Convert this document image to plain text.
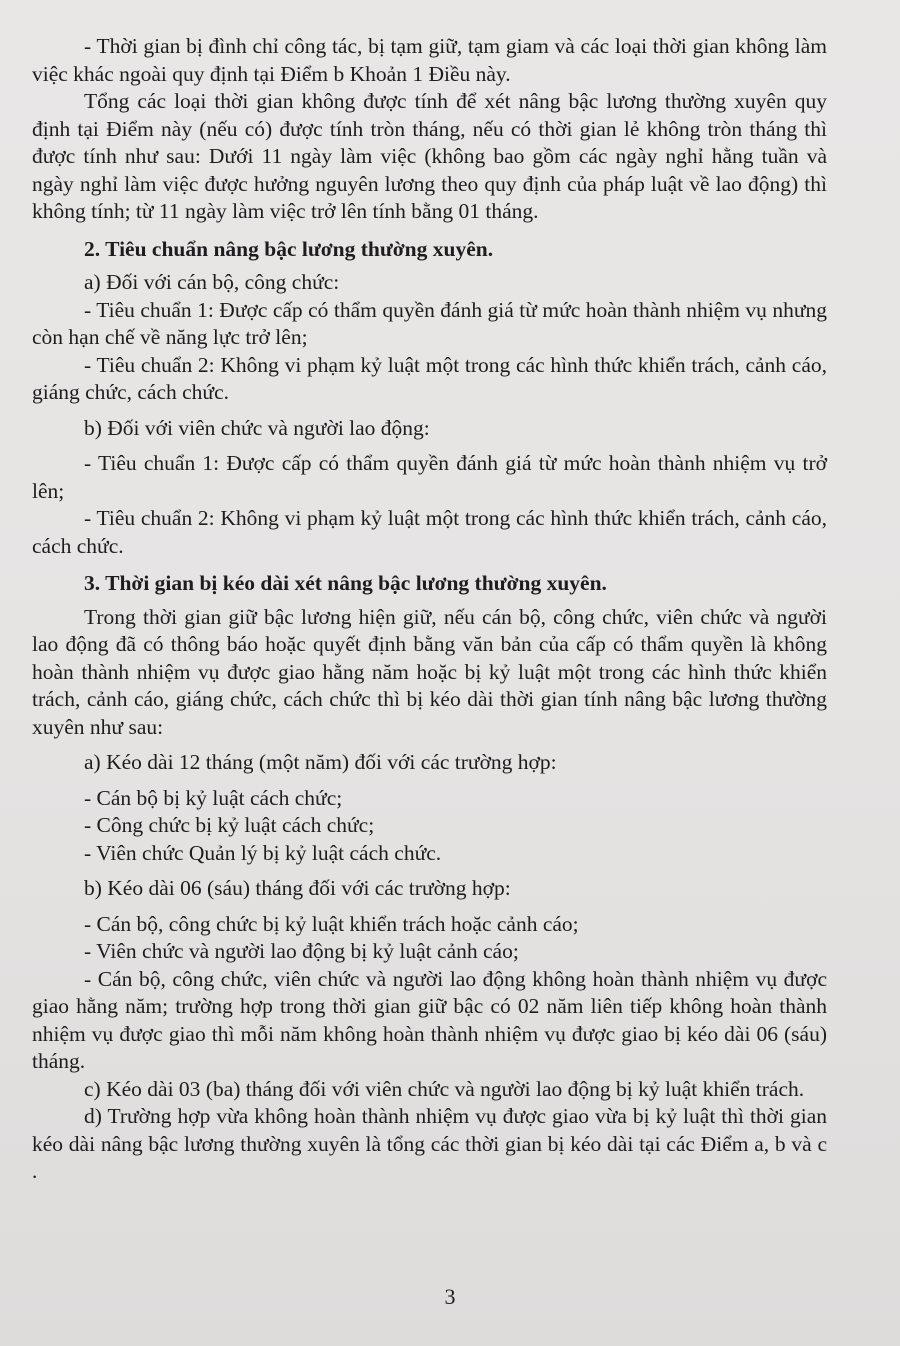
- Thời gian bị đình chỉ công tác, bị tạm giữ, tạm giam và các loại thời gian không làm việc khác ngoài quy định tại Điểm b Khoản 1 Điều này.

Tổng các loại thời gian không được tính để xét nâng bậc lương thường xuyên quy định tại Điểm này (nếu có) được tính tròn tháng, nếu có thời gian lẻ không tròn tháng thì được tính như sau: Dưới 11 ngày làm việc (không bao gồm các ngày nghỉ hằng tuần và ngày nghỉ làm việc được hưởng nguyên lương theo quy định của pháp luật về lao động) thì không tính; từ 11 ngày làm việc trở lên tính bằng 01 tháng.

2. Tiêu chuẩn nâng bậc lương thường xuyên.

a) Đối với cán bộ, công chức:

- Tiêu chuẩn 1: Được cấp có thẩm quyền đánh giá từ mức hoàn thành nhiệm vụ nhưng còn hạn chế về năng lực trở lên;

- Tiêu chuẩn 2: Không vi phạm kỷ luật một trong các hình thức khiển trách, cảnh cáo, giáng chức, cách chức.

b) Đối với viên chức và người lao động:

- Tiêu chuẩn 1: Được cấp có thẩm quyền đánh giá từ mức hoàn thành nhiệm vụ trở lên;

- Tiêu chuẩn 2: Không vi phạm kỷ luật một trong các hình thức khiển trách, cảnh cáo, cách chức.

3. Thời gian bị kéo dài xét nâng bậc lương thường xuyên.

Trong thời gian giữ bậc lương hiện giữ, nếu cán bộ, công chức, viên chức và người lao động đã có thông báo hoặc quyết định bằng văn bản của cấp có thẩm quyền là không hoàn thành nhiệm vụ được giao hằng năm hoặc bị kỷ luật một trong các hình thức khiển trách, cảnh cáo, giáng chức, cách chức thì bị kéo dài thời gian tính nâng bậc lương thường xuyên như sau:

a) Kéo dài 12 tháng (một năm) đối với các trường hợp:

- Cán bộ bị kỷ luật cách chức;

- Công chức bị kỷ luật cách chức;

- Viên chức Quản lý bị kỷ luật cách chức.

b) Kéo dài 06 (sáu) tháng đối với các trường hợp:

- Cán bộ, công chức bị kỷ luật khiển trách hoặc cảnh cáo;

- Viên chức và người lao động bị kỷ luật cảnh cáo;

- Cán bộ, công chức, viên chức và người lao động không hoàn thành nhiệm vụ được giao hằng năm; trường hợp trong thời gian giữ bậc có 02 năm liên tiếp không hoàn thành nhiệm vụ được giao thì mỗi năm không hoàn thành nhiệm vụ được giao bị kéo dài 06 (sáu) tháng.

c) Kéo dài 03 (ba) tháng đối với viên chức và người lao động bị kỷ luật khiển trách.

d) Trường hợp vừa không hoàn thành nhiệm vụ được giao vừa bị kỷ luật thì thời gian kéo dài nâng bậc lương thường xuyên là tổng các thời gian bị kéo dài tại các Điểm a, b và c .

3
